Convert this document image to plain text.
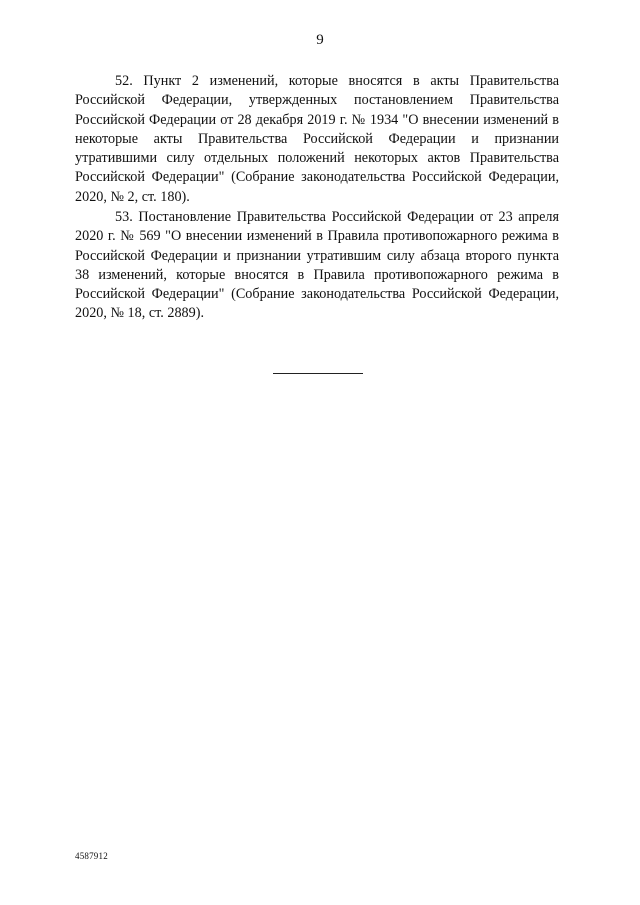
9

52. Пункт 2 изменений, которые вносятся в акты Правительства Российской Федерации, утвержденных постановлением Правительства Российской Федерации от 28 декабря 2019 г. № 1934 "О внесении изменений в некоторые акты Правительства Российской Федерации и признании утратившими силу отдельных положений некоторых актов Правительства Российской Федерации" (Собрание законодательства Российской Федерации, 2020, № 2, ст. 180).

53. Постановление Правительства Российской Федерации от 23 апреля 2020 г. № 569 "О внесении изменений в Правила противопожарного режима в Российской Федерации и признании утратившим силу абзаца второго пункта 38 изменений, которые вносятся в Правила противопожарного режима в Российской Федерации" (Собрание законодательства Российской Федерации, 2020, № 18, ст. 2889).

4587912
